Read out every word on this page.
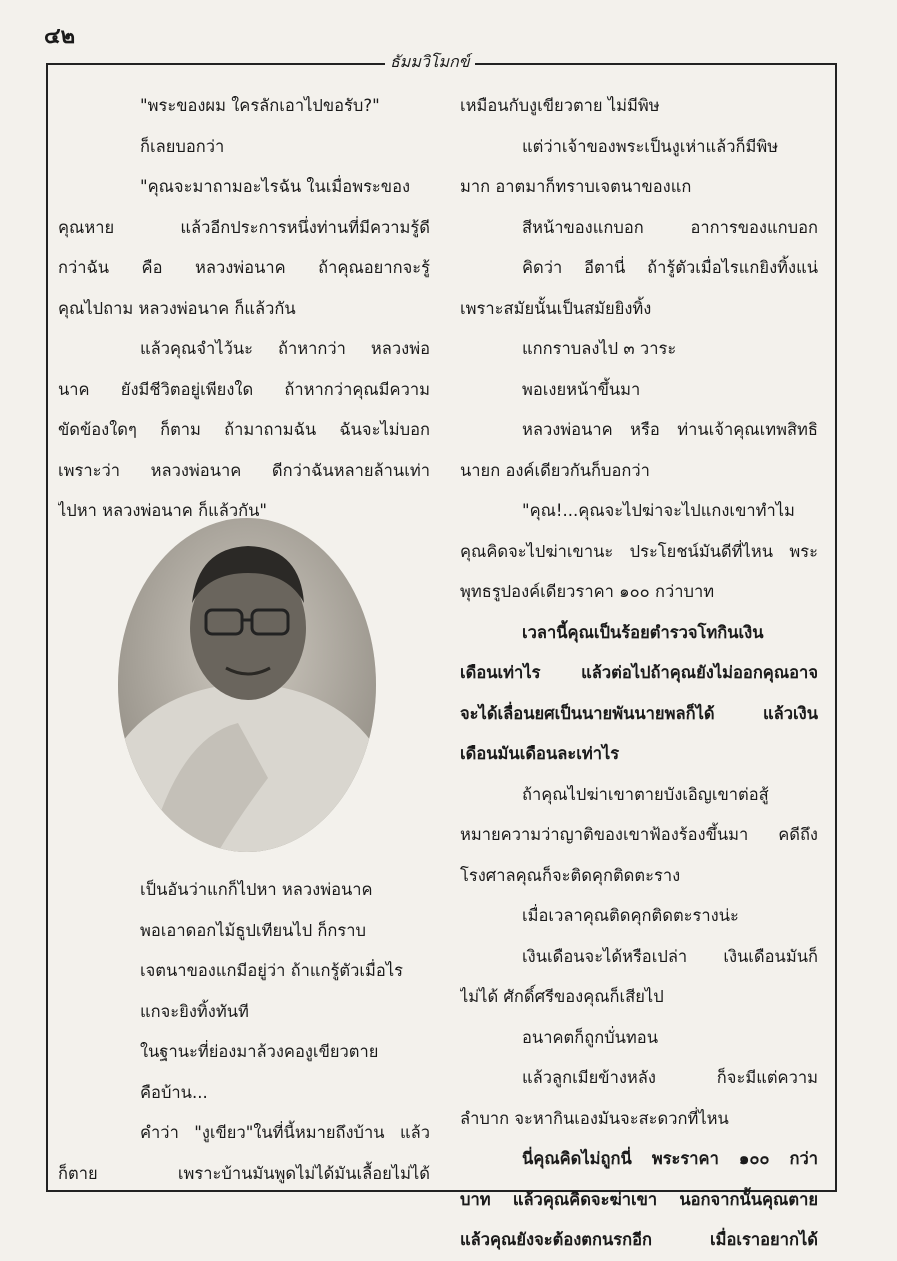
๔๒
ธัมมวิโมกข์
"พระของผม ใครลักเอาไปขอรับ?"
ก็เลยบอกว่า
"คุณจะมาถามอะไรฉัน ในเมื่อพระของ
คุณหาย แล้วอีกประการหนึ่งท่านที่มีความรู้ดี
กว่าฉัน คือ หลวงพ่อนาค ถ้าคุณอยากจะรู้
คุณไปถาม หลวงพ่อนาค ก็แล้วกัน
แล้วคุณจำไว้นะ ถ้าหากว่า หลวงพ่อ
นาค ยังมีชีวิตอยู่เพียงใด ถ้าหากว่าคุณมีความ
ขัดข้องใดๆ ก็ตาม ถ้ามาถามฉัน ฉันจะไม่บอก
เพราะว่า หลวงพ่อนาค ดีกว่าฉันหลายล้านเท่า
ไปหา หลวงพ่อนาค ก็แล้วกัน"
เป็นอันว่าแกก็ไปหา หลวงพ่อนาค
พอเอาดอกไม้ธูปเทียนไป ก็กราบ
เจตนาของแกมีอยู่ว่า ถ้าแกรู้ตัวเมื่อไร
แกจะยิงทิ้งทันที
ในฐานะที่ย่องมาล้วงคองูเขียวตาย
คือบ้าน...
คำว่า "งูเขียว"ในที่นี้หมายถึงบ้าน แล้ว
ก็ตาย เพราะบ้านมันพูดไม่ได้มันเลื้อยไม่ได้
เหมือนกับงูเขียวตาย ไม่มีพิษ
แต่ว่าเจ้าของพระเป็นงูเห่าแล้วก็มีพิษ
มาก อาตมาก็ทราบเจตนาของแก
สีหน้าของแกบอก อาการของแกบอก
คิดว่า อีตานี่ ถ้ารู้ตัวเมื่อไรแกยิงทิ้งแน่
เพราะสมัยนั้นเป็นสมัยยิงทิ้ง
แกกราบลงไป ๓ วาระ
พอเงยหน้าขึ้นมา
หลวงพ่อนาค หรือ ท่านเจ้าคุณเทพสิทธิ
นายก องค์เดียวกันก็บอกว่า
"คุณ!...คุณจะไปฆ่าจะไปแกงเขาทำไม
คุณคิดจะไปฆ่าเขานะ ประโยชน์มันดีที่ไหน พระ
พุทธรูปองค์เดียวราคา ๑๐๐ กว่าบาท
เวลานี้คุณเป็นร้อยตำรวจโทกินเงิน
เดือนเท่าไร แล้วต่อไปถ้าคุณยังไม่ออกคุณอาจ
จะได้เลื่อนยศเป็นนายพันนายพลก็ได้ แล้วเงิน
เดือนมันเดือนละเท่าไร
ถ้าคุณไปฆ่าเขาตายบังเอิญเขาต่อสู้
หมายความว่าญาติของเขาฟ้องร้องขึ้นมา คดีถึง
โรงศาลคุณก็จะติดคุกติดตะราง
เมื่อเวลาคุณติดคุกติดตะรางน่ะ
เงินเดือนจะได้หรือเปล่า เงินเดือนมันก็
ไม่ได้ ศักดิ์ศรีของคุณก็เสียไป
อนาคตก็ถูกบั่นทอน
แล้วลูกเมียข้างหลัง ก็จะมีแต่ความ
ลำบาก จะหากินเองมันจะสะดวกที่ไหน
นี่คุณคิดไม่ถูกนี่ พระราคา ๑๐๐ กว่า
บาท แล้วคุณคิดจะฆ่าเขา นอกจากนั้นคุณตาย
แล้วคุณยังจะต้องตกนรกอีก เมื่อเราอยากได้
